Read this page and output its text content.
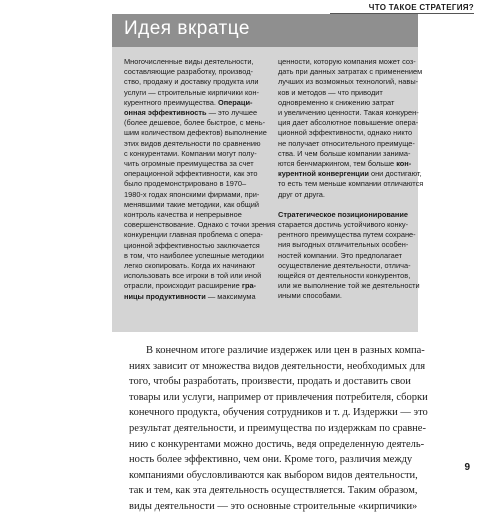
ЧТО ТАКОЕ СТРАТЕГИЯ?
Идея вкратце

Многочисленные виды деятельности,
составляющие разработку, производ-
ство, продажу и доставку продукта или
услуги — строительные кирпичики кон-
курентного преимущества. Операци-
онная эффективность — это лучшее
(более дешевое, более быстрое, с мень-
шим количеством дефектов) выполнение
этих видов деятельности по сравнению
с конкурентами. Компании могут полу-
чить огромные преимущества за счет
операционной эффективности, как это
было продемонстрировано в 1970–
1980-х годах японскими фирмами, при-
менявшими такие методики, как общий
контроль качества и непрерывное
совершенствование. Однако с точки зрения
конкуренции главная проблема с опера-
ционной эффективностью заключается
в том, что наиболее успешные методики
легко скопировать. Когда их начинают
использовать все игроки в той или иной
отрасли, происходит расширение гра-
ницы продуктивности — максимума

ценности, которую компания может соз-
дать при данных затратах с применением
лучших из возможных технологий, навы-
ков и методов — что приводит
одновременно к снижению затрат
и увеличению ценности. Такая конкурен-
ция дает абсолютное повышение опера-
ционной эффективности, однако никто
не получает относительного преимуще-
ства. И чем больше компании занима-
ются бенчмаркингом, тем больше кон-
курентной конвергенции они достигают,
то есть тем меньше компании отличаются
друг от друга.

Стратегическое позиционирование
старается достичь устойчивого конку-
рентного преимущества путем сохране-
ния выгодных отличительных особен-
ностей компании. Это предполагает
осуществление деятельности, отлича-
ющейся от деятельности конкурентов,
или же выполнение той же деятельности
иными способами.

В конечном итоге различие издержек или цен в разных компа-
ниях зависит от множества видов деятельности, необходимых для
того, чтобы разработать, произвести, продать и доставить свои
товары или услуги, например от привлечения потребителя, сборки
конечного продукта, обучения сотрудников и т. д. Издержки — это
результат деятельности, и преимущества по издержкам по сравне-
нию с конкурентами можно достичь, ведя определенную деятель-
ность более эффективно, чем они. Кроме того, различия между
компаниями обусловливаются как выбором видов деятельности,
так и тем, как эта деятельность осуществляется. Таким образом,
виды деятельности — это основные строительные «кирпичики»
9
